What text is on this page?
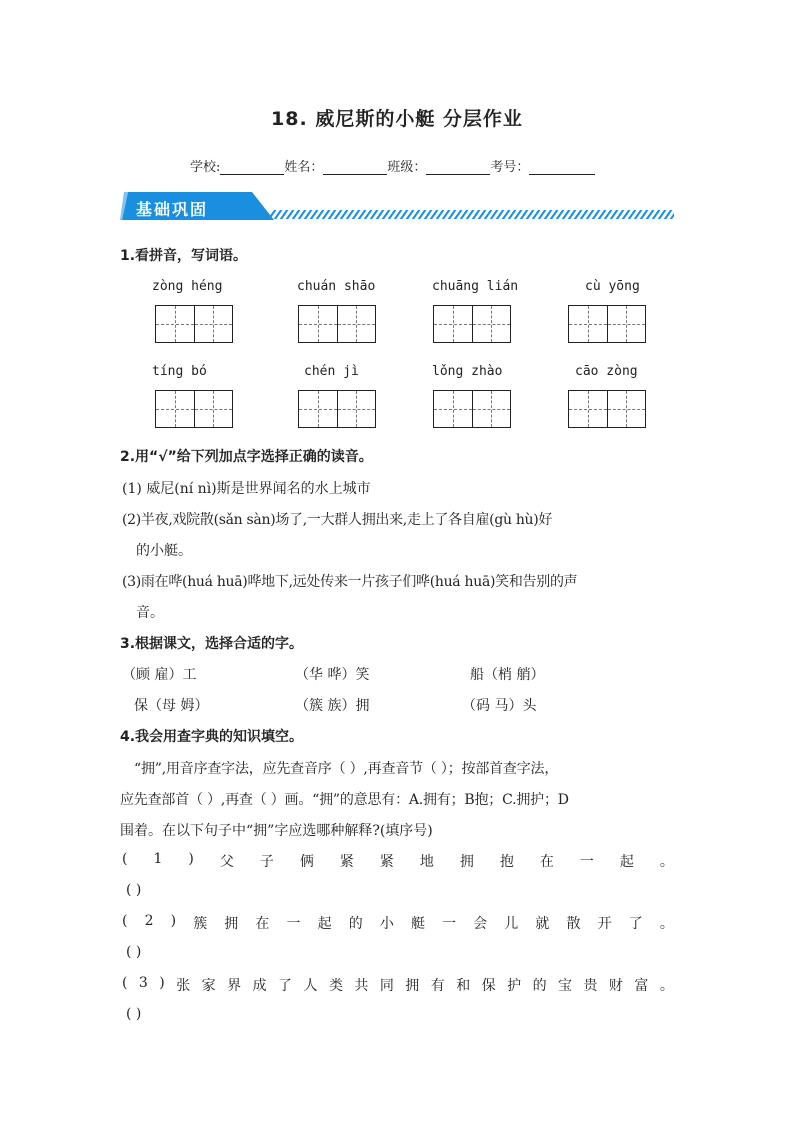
18. 威尼斯的小艇 分层作业
学校:	姓名：	班级：	考号：
基础巩固
1.看拼音，写词语。
zòng héng	chuán shāo	chuāng lián	cù yōng
tíng bó	chén jì	lǒng zhào	cāo zòng
2.用“√”给下列加点字选择正确的读音。
(1) 威尼(ní nì)斯是世界闻名的水上城市
(2)半夜,戏院散(sǎn sàn)场了,一大群人拥出来,走上了各自雇(gù hù)好
的小艇。
(3)雨在哗(huá huā)哗地下,远处传来一片孩子们哗(huá huā)笑和告别的声
音。
3.根据课文，选择合适的字。
（顾 雇）工	（华 哗）笑	船（梢 艄）
保（母 姆）	（簇 族）拥	（码 马）头
4.我会用查字典的知识填空。
“拥”,用音序查字法，应先查音序（ ）,再查音节（ ）；按部首查字法，
应先查部首（ ）,再查（ ）画。“拥”的意思有：A.拥有；B抱；C.拥护；D
围着。在以下句子中“拥”字应选哪种解释?(填序号)
( 1 ) 父 子 俩 紧 紧 地 拥 抱 在 一 起 。
( )
( 2 ) 簇 拥 在 一 起 的 小 艇 一 会 儿 就 散 开 了 。
( )
( 3 ) 张 家 界 成 了 人 类 共 同 拥 有 和 保 护 的 宝 贵 财 富 。
( )
